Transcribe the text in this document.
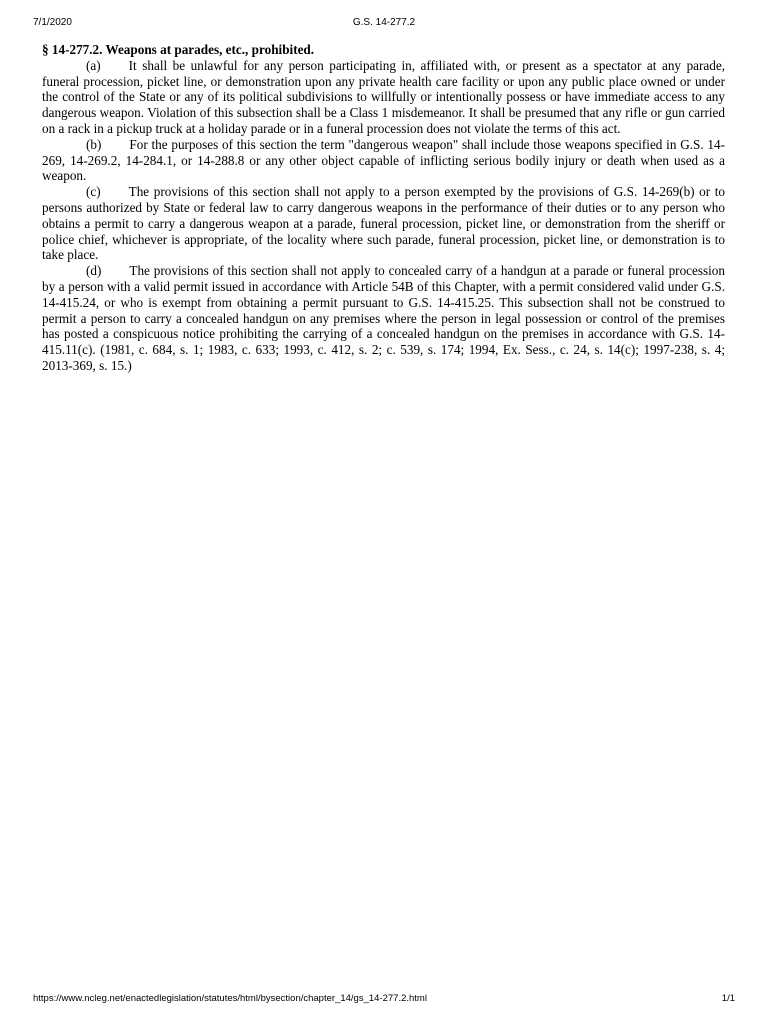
7/1/2020	G.S. 14-277.2

§ 14-277.2. Weapons at parades, etc., prohibited.

(a) It shall be unlawful for any person participating in, affiliated with, or present as a spectator at any parade, funeral procession, picket line, or demonstration upon any private health care facility or upon any public place owned or under the control of the State or any of its political subdivisions to willfully or intentionally possess or have immediate access to any dangerous weapon. Violation of this subsection shall be a Class 1 misdemeanor. It shall be presumed that any rifle or gun carried on a rack in a pickup truck at a holiday parade or in a funeral procession does not violate the terms of this act.

(b) For the purposes of this section the term "dangerous weapon" shall include those weapons specified in G.S. 14-269, 14-269.2, 14-284.1, or 14-288.8 or any other object capable of inflicting serious bodily injury or death when used as a weapon.

(c) The provisions of this section shall not apply to a person exempted by the provisions of G.S. 14-269(b) or to persons authorized by State or federal law to carry dangerous weapons in the performance of their duties or to any person who obtains a permit to carry a dangerous weapon at a parade, funeral procession, picket line, or demonstration from the sheriff or police chief, whichever is appropriate, of the locality where such parade, funeral procession, picket line, or demonstration is to take place.

(d) The provisions of this section shall not apply to concealed carry of a handgun at a parade or funeral procession by a person with a valid permit issued in accordance with Article 54B of this Chapter, with a permit considered valid under G.S. 14-415.24, or who is exempt from obtaining a permit pursuant to G.S. 14-415.25. This subsection shall not be construed to permit a person to carry a concealed handgun on any premises where the person in legal possession or control of the premises has posted a conspicuous notice prohibiting the carrying of a concealed handgun on the premises in accordance with G.S. 14-415.11(c). (1981, c. 684, s. 1; 1983, c. 633; 1993, c. 412, s. 2; c. 539, s. 174; 1994, Ex. Sess., c. 24, s. 14(c); 1997-238, s. 4; 2013-369, s. 15.)

https://www.ncleg.net/enactedlegislation/statutes/html/bysection/chapter_14/gs_14-277.2.html	1/1
